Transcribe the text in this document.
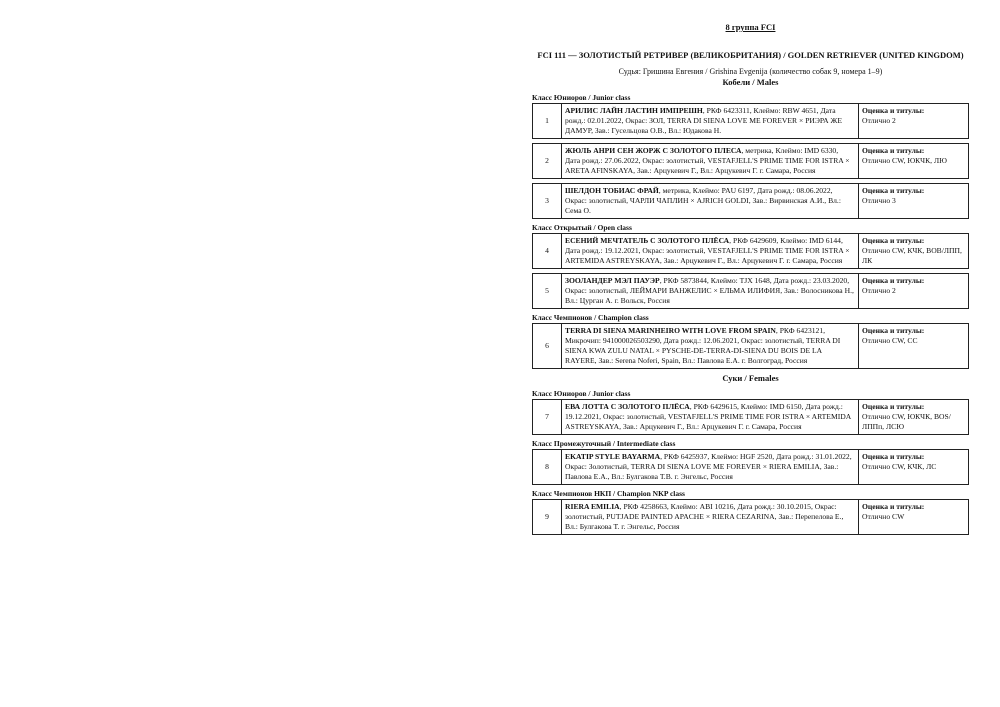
8 группа FCI
FCI 111 — ЗОЛОТИСТЫЙ РЕТРИВЕР (ВЕЛИКОБРИТАНИЯ) / GOLDEN RETRIEVER (UNITED KINGDOM)
Судья: Гришина Евгения / Grishina Evgenija (количество собак 9, номера 1–9)
Кобели / Males
Класс Юниоров / Junior class
1	АРИЛИС ЛАЙН ЛАСТИН ИМПРЕШН, РКФ 6423311, Клеймо: RBW 4651, Дата рожд.: 02.01.2022, Окрас: ЗОЛ, TERRA DI SIENA LOVE ME FOREVER × РИЭРА ЖЕ ДАМУР, Зав.: Гусельцова О.В., Вл.: Юдакова Н.	Оценка и титулы:
Отлично 2
2	ЖЮЛЬ АНРИ СЕН ЖОРЖ С ЗОЛОТОГО ПЛЕСА, метрика, Клеймо: IMD 6330, Дата рожд.: 27.06.2022, Окрас: золотистый, VESTAFJELL'S PRIME TIME FOR ISTRA × ARETA AFINSKAYA, Зав.: Арцукевич Г., Вл.: Арцукевич Г. г. Самара, Россия	Оценка и титулы:
Отлично CW, ЮКЧК, ЛЮ
3	ШЕЛДОН ТОБИАС ФРАЙ, метрика, Клеймо: PAU 6197, Дата рожд.: 08.06.2022, Окрас: золотистый, ЧАРЛИ ЧАПЛИН × AJRICH GOLDI, Зав.: Вирвинская А.И., Вл.: Сема О.	Оценка и титулы:
Отлично 3
Класс Открытый / Open class
4	ЕСЕНИЙ МЕЧТАТЕЛЬ С ЗОЛОТОГО ПЛЁСА, РКФ 6429609, Клеймо: IMD 6144, Дата рожд.: 19.12.2021, Окрас: золотистый, VESTAFJELL'S PRIME TIME FOR ISTRA × ARTEMIDA ASTREYSKAYA, Зав.: Арцукевич Г., Вл.: Арцукевич Г. г. Самара, Россия	Оценка и титулы:
Отлично CW, КЧК, ВОВ/ЛПП, ЛК
5	ЗООЛАНДЕР МЭЛ ПАУЭР, РКФ 5873844, Клеймо: TJX 1648, Дата рожд.: 23.03.2020, Окрас: золотистый, ЛЕЙМАРИ ВАНЖЕЛИС × ЕЛЬМА ИЛИФИЯ, Зав.: Волосникова Н., Вл.: Цурган А. г. Вольск, Россия	Оценка и титулы:
Отлично 2
Класс Чемпионов / Champion class
6	TERRA DI SIENA MARINHEIRO WITH LOVE FROM SPAIN, РКФ 6423121, Микрочип: 941000026503290, Дата рожд.: 12.06.2021, Окрас: золотистый, TERRA DI SIENA KWA ZULU NATAL × PYSCHE-DE-TERRA-DI-SIENA DU BOIS DE LA RAYERE, Зав.: Serena Noferi, Spain, Вл.: Павлова Е.А. г. Волгоград, Россия	Оценка и титулы:
Отлично CW, CC
Суки / Females
Класс Юниоров / Junior class
7	ЕВА ЛОТТА С ЗОЛОТОГО ПЛЁСА, РКФ 6429615, Клеймо: IMD 6150, Дата рожд.: 19.12.2021, Окрас: золотистый, VESTAFJELL'S PRIME TIME FOR ISTRA × ARTEMIDA ASTREYSKAYA, Зав.: Арцукевич Г., Вл.: Арцукевич Г. г. Самара, Россия	Оценка и титулы:
Отлично CW, ЮКЧК, BOS/ЛППп, ЛСЮ
Класс Промежуточный / Intermediate class
8	EKATIP STYLE BAYARMA, РКФ 6425937, Клеймо: HGF 2520, Дата рожд.: 31.01.2022, Окрас: Золотистый, TERRA DI SIENA LOVE ME FOREVER × RIERA EMILIA, Зав.: Павлова Е.А., Вл.: Булгакова Т.В. г. Энгельс, Россия	Оценка и титулы:
Отлично CW, КЧК, ЛС
Класс Чемпионов НКП / Champion NKP class
9	RIERA EMILIA, РКФ 4258663, Клеймо: ABI 10216, Дата рожд.: 30.10.2015, Окрас: золотистый, PUTJADE PAINTED APACHE × RIERA CEZARINA, Зав.: Перепелова Е., Вл.: Булгакова Т. г. Энгельс, Россия	Оценка и титулы:
Отлично CW
